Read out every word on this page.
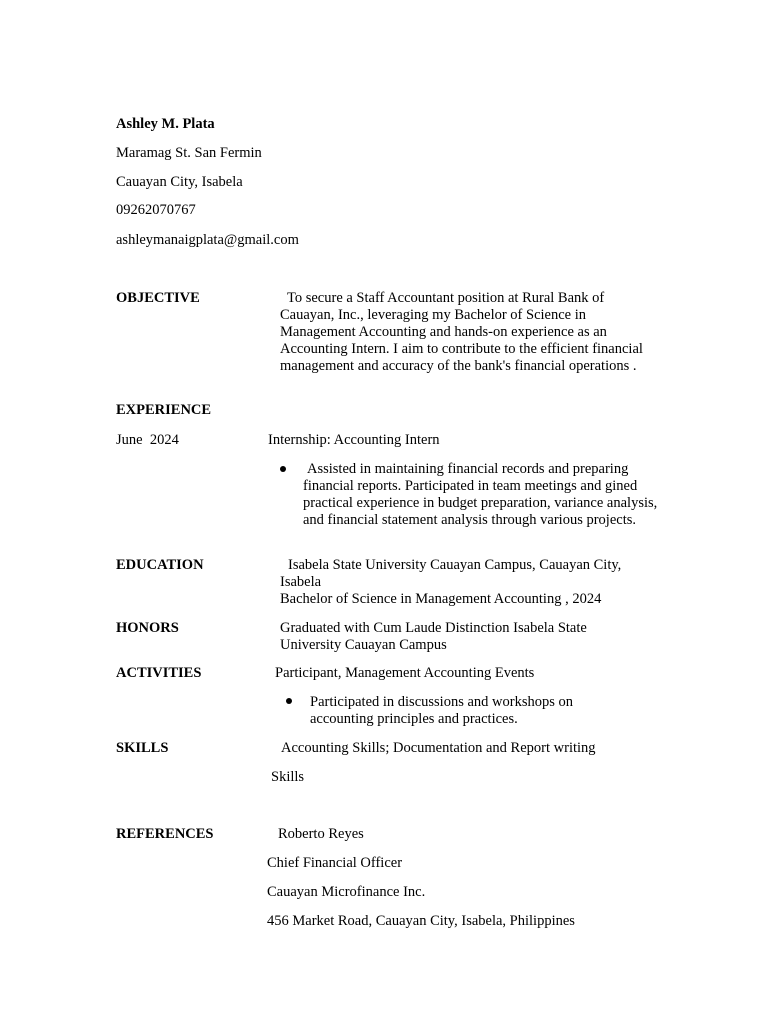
Ashley M. Plata
Maramag St. San Fermin
Cauayan City, Isabela
09262070767
ashleymanaigplata@gmail.com
OBJECTIVE	To secure a Staff Accountant position at Rural Bank of Cauayan, Inc., leveraging my Bachelor of Science in Management Accounting and hands-on experience as an Accounting Intern. I aim to contribute to the efficient financial management and accuracy of the bank's financial operations .
EXPERIENCE
June  2024	Internship: Accounting Intern
Assisted in maintaining financial records and preparing financial reports. Participated in team meetings and gined practical experience in budget preparation, variance analysis, and financial statement analysis through various projects.
EDUCATION	Isabela State University Cauayan Campus, Cauayan City, Isabela
Bachelor of Science in Management Accounting , 2024
HONORS	Graduated with Cum Laude Distinction Isabela State University Cauayan Campus
ACTIVITIES	Participant, Management Accounting Events
Participated in discussions and workshops on accounting principles and practices.
SKILLS	Accounting Skills; Documentation and Report writing
Skills
REFERENCES	Roberto Reyes
Chief Financial Officer
Cauayan Microfinance Inc.
456 Market Road, Cauayan City, Isabela, Philippines
